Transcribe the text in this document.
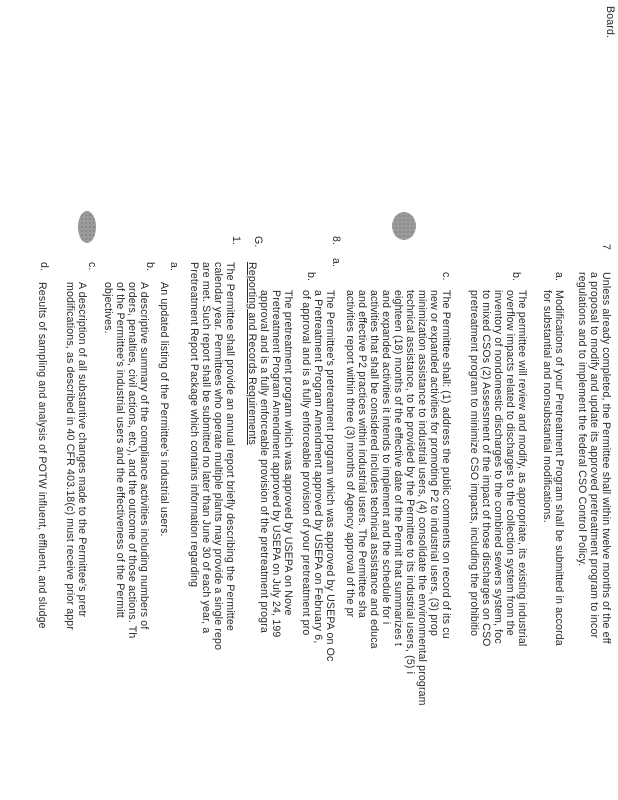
Board.
7
Unless already completed, the Permittee shall within twelve months of the eff
a proposal to modify and update its approved pretreatment program to incor
regulations and to implement the federal CSO Control Policy.
a.
Modifications of your Pretreatment Program shall be submitted in accorda
for substantial and nonsubstantial modifications.
b.
The permittee will review and modify, as appropriate, its existing industrial
overflow impacts related to discharges to the collection system from the
inventory of nondomestic discharges to the combined sewers system, foc
to mixed CSOs (2) Assessment of the impact of those discharges on CSO
pretreatment program to minimize CSO impacts, including the prohibitio
c.
The Permittee shall: (1) address the public comments on record of its cu
new or expanded activities for promoting P2 to industrial users, (3) prop
minimization assistance to industrial users, (4) consolidate the environmental program
technical assistance, to be provided by the Permittee to its industrial users, (5) i
eighteen (18) months of the effective date of the Permit that summarizes t
and expanded activities it intends to implement and the schedule for i
activities that shall be considered includes technical assistance and educa
and effective P2 practices within industrial users. The Permittee sha
activities report within three (3) months of Agency approval of the pr
8.
a.
The Permittee's pretreatment program which was approved by USEPA on Oc
a Pretreatment Program Amendment approved by USEPA on February 6,
of approval and is a fully enforceable provision of your pretreatment pro
b.
The pretreatment program which was approved by USEPA on Nove
Pretreatment Program Amendment approved by USEPA on July 24, 199
approval and is a fully enforceable provision of the pretreatment progra
G.
Reporting and Records Requirements
1.
The Permittee shall provide an annual report briefly describing the Permittee
calendar year. Permittees who operate multiple plants may provide a single repo
are met. Such report shall be submitted no later than June 30 of each year, a
Pretreatment Report Package which contains information regarding
a.
An updated listing of the Permittee's industrial users.
b.
A descriptive summary of the compliance activities including numbers of
orders, penalties, civil actions, etc.), and the outcome of those actions. Th
of the Permittee's industrial users and the effectiveness of the Permitt
objectives.
c.
A description of all substantive changes made to the Permittee's pretr
modifications, as described in 40 CFR 403.18(c) must receive prior appr
d.
Results of sampling and analysis of POTW influent, effluent, and sludge
